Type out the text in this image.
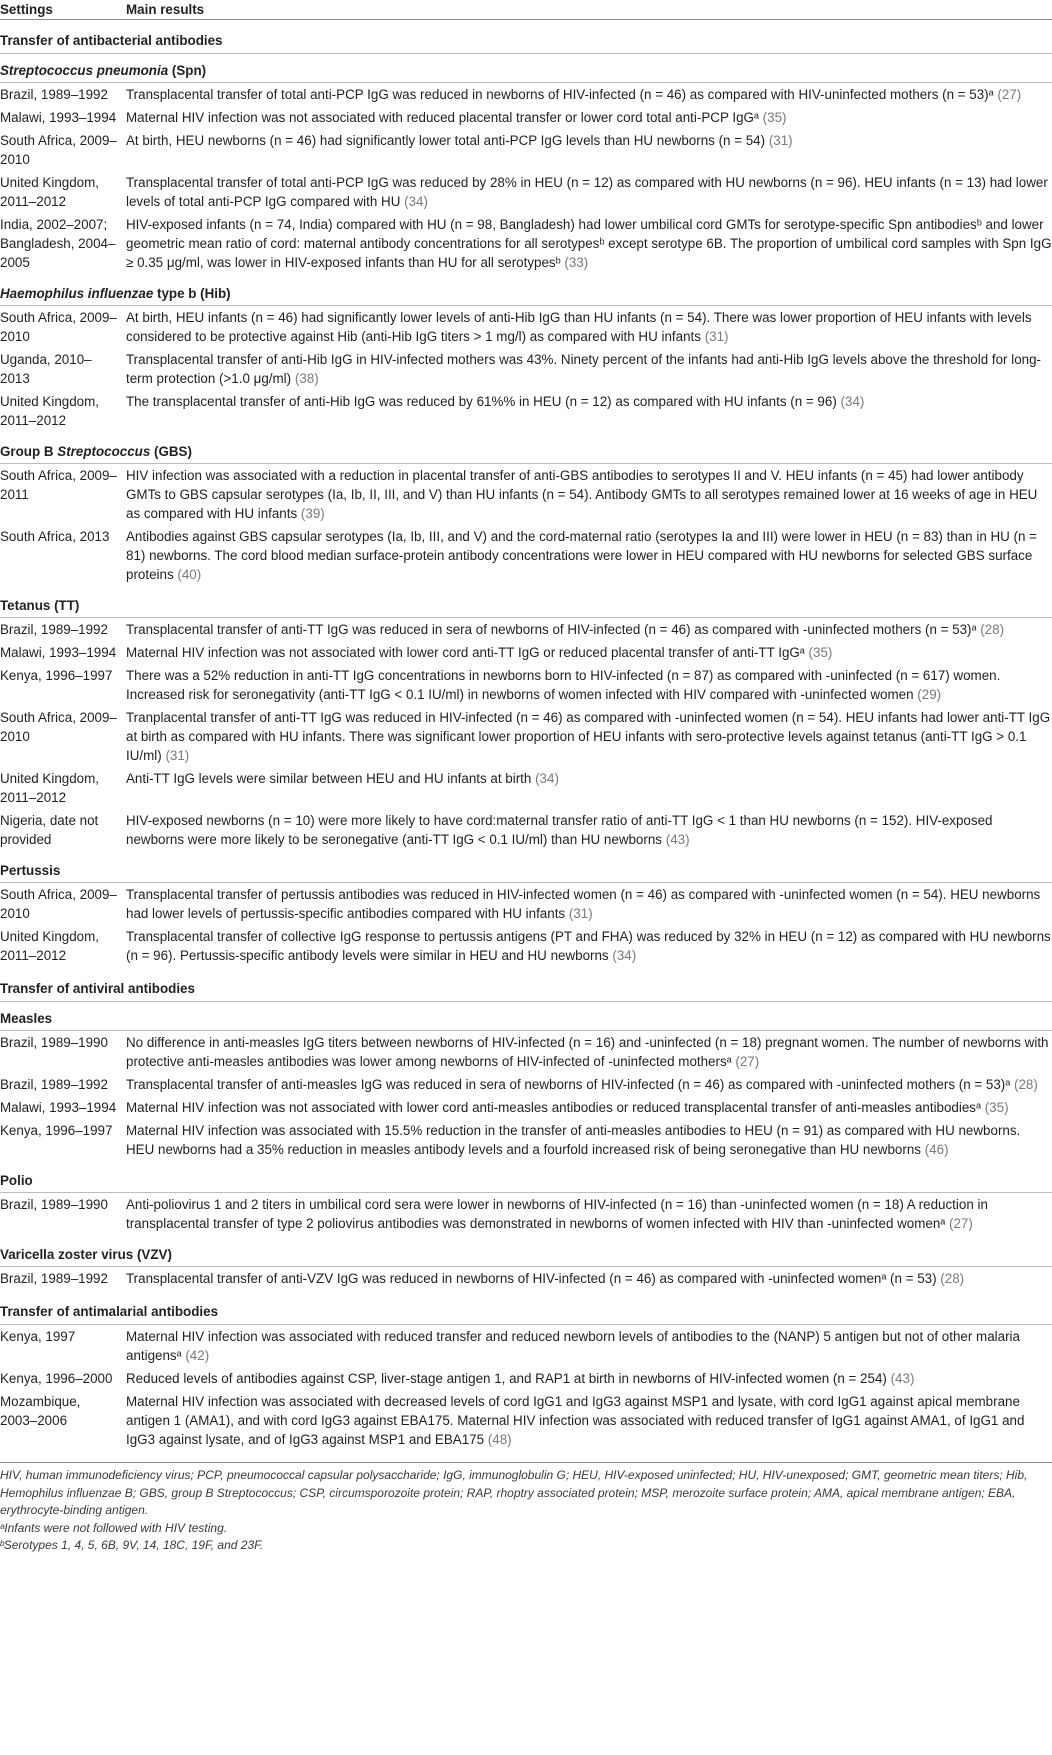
Settings	Main results
Transfer of antibacterial antibodies	
Streptococcus pneumonia (Spn)	
Brazil, 1989–1992	Transplacental transfer of total anti-PCP IgG was reduced in newborns of HIV-infected (n = 46) as compared with HIV-uninfected mothers (n = 53)ᵃ (27)
Malawi, 1993–1994	Maternal HIV infection was not associated with reduced placental transfer or lower cord total anti-PCP IgGᵃ (35)
South Africa, 2009–2010	At birth, HEU newborns (n = 46) had significantly lower total anti-PCP IgG levels than HU newborns (n = 54) (31)
United Kingdom, 2011–2012	Transplacental transfer of total anti-PCP IgG was reduced by 28% in HEU (n = 12) as compared with HU newborns (n = 96). HEU infants (n = 13) had lower levels of total anti-PCP IgG compared with HU (34)
India, 2002–2007; Bangladesh, 2004–2005	HIV-exposed infants (n = 74, India) compared with HU (n = 98, Bangladesh) had lower umbilical cord GMTs for serotype-specific Spn antibodiesᵇ and lower geometric mean ratio of cord: maternal antibody concentrations for all serotypesᵇ except serotype 6B. The proportion of umbilical cord samples with Spn IgG ≥ 0.35 μg/ml, was lower in HIV-exposed infants than HU for all serotypesᵇ (33)
Haemophilus influenzae type b (Hib)	
South Africa, 2009–2010	At birth, HEU infants (n = 46) had significantly lower levels of anti-Hib IgG than HU infants (n = 54). There was lower proportion of HEU infants with levels considered to be protective against Hib (anti-Hib IgG titers > 1 mg/l) as compared with HU infants (31)
Uganda, 2010–2013	Transplacental transfer of anti-Hib IgG in HIV-infected mothers was 43%. Ninety percent of the infants had anti-Hib IgG levels above the threshold for long-term protection (>1.0 μg/ml) (38)
United Kingdom, 2011–2012	The transplacental transfer of anti-Hib IgG was reduced by 61%% in HEU (n = 12) as compared with HU infants (n = 96) (34)
Group B Streptococcus (GBS)	
South Africa, 2009–2011	HIV infection was associated with a reduction in placental transfer of anti-GBS antibodies to serotypes II and V. HEU infants (n = 45) had lower antibody GMTs to GBS capsular serotypes (Ia, Ib, II, III, and V) than HU infants (n = 54). Antibody GMTs to all serotypes remained lower at 16 weeks of age in HEU as compared with HU infants (39)
South Africa, 2013	Antibodies against GBS capsular serotypes (Ia, Ib, III, and V) and the cord-maternal ratio (serotypes Ia and III) were lower in HEU (n = 83) than in HU (n = 81) newborns. The cord blood median surface-protein antibody concentrations were lower in HEU compared with HU newborns for selected GBS surface proteins (40)
Tetanus (TT)	
Brazil, 1989–1992	Transplacental transfer of anti-TT IgG was reduced in sera of newborns of HIV-infected (n = 46) as compared with -uninfected mothers (n = 53)ᵃ (28)
Malawi, 1993–1994	Maternal HIV infection was not associated with lower cord anti-TT IgG or reduced placental transfer of anti-TT IgGᵃ (35)
Kenya, 1996–1997	There was a 52% reduction in anti-TT IgG concentrations in newborns born to HIV-infected (n = 87) as compared with -uninfected (n = 617) women. Increased risk for seronegativity (anti-TT IgG < 0.1 IU/ml) in newborns of women infected with HIV compared with -uninfected women (29)
South Africa, 2009–2010	Tranplacental transfer of anti-TT IgG was reduced in HIV-infected (n = 46) as compared with -uninfected women (n = 54). HEU infants had lower anti-TT IgG at birth as compared with HU infants. There was significant lower proportion of HEU infants with sero-protective levels against tetanus (anti-TT IgG > 0.1 IU/ml) (31)
United Kingdom, 2011–2012	Anti-TT IgG levels were similar between HEU and HU infants at birth (34)
Nigeria, date not provided	HIV-exposed newborns (n = 10) were more likely to have cord:maternal transfer ratio of anti-TT IgG < 1 than HU newborns (n = 152). HIV-exposed newborns were more likely to be seronegative (anti-TT IgG < 0.1 IU/ml) than HU newborns (43)
Pertussis	
South Africa, 2009–2010	Transplacental transfer of pertussis antibodies was reduced in HIV-infected women (n = 46) as compared with -uninfected women (n = 54). HEU newborns had lower levels of pertussis-specific antibodies compared with HU infants (31)
United Kingdom, 2011–2012	Transplacental transfer of collective IgG response to pertussis antigens (PT and FHA) was reduced by 32% in HEU (n = 12) as compared with HU newborns (n = 96). Pertussis-specific antibody levels were similar in HEU and HU newborns (34)
Transfer of antiviral antibodies	
Measles	
Brazil, 1989–1990	No difference in anti-measles IgG titers between newborns of HIV-infected (n = 16) and -uninfected (n = 18) pregnant women. The number of newborns with protective anti-measles antibodies was lower among newborns of HIV-infected of -uninfected mothersᵃ (27)
Brazil, 1989–1992	Transplacental transfer of anti-measles IgG was reduced in sera of newborns of HIV-infected (n = 46) as compared with -uninfected mothers (n = 53)ᵃ (28)
Malawi, 1993–1994	Maternal HIV infection was not associated with lower cord anti-measles antibodies or reduced transplacental transfer of anti-measles antibodiesᵃ (35)
Kenya, 1996–1997	Maternal HIV infection was associated with 15.5% reduction in the transfer of anti-measles antibodies to HEU (n = 91) as compared with HU newborns. HEU newborns had a 35% reduction in measles antibody levels and a fourfold increased risk of being seronegative than HU newborns (46)
Polio	
Brazil, 1989–1990	Anti-poliovirus 1 and 2 titers in umbilical cord sera were lower in newborns of HIV-infected (n = 16) than -uninfected women (n = 18) A reduction in transplacental transfer of type 2 poliovirus antibodies was demonstrated in newborns of women infected with HIV than -uninfected womenᵃ (27)
Varicella zoster virus (VZV)	
Brazil, 1989–1992	Transplacental transfer of anti-VZV IgG was reduced in newborns of HIV-infected (n = 46) as compared with -uninfected womenᵃ (n = 53) (28)
Transfer of antimalarial antibodies	
Kenya, 1997	Maternal HIV infection was associated with reduced transfer and reduced newborn levels of antibodies to the (NANP) 5 antigen but not of other malaria antigensᵃ (42)
Kenya, 1996–2000	Reduced levels of antibodies against CSP, liver-stage antigen 1, and RAP1 at birth in newborns of HIV-infected women (n = 254) (43)
Mozambique, 2003–2006	Maternal HIV infection was associated with decreased levels of cord IgG1 and IgG3 against MSP1 and lysate, with cord IgG1 against apical membrane antigen 1 (AMA1), and with cord IgG3 against EBA175. Maternal HIV infection was associated with reduced transfer of IgG1 against AMA1, of IgG1 and IgG3 against lysate, and of IgG3 against MSP1 and EBA175 (48)

HIV, human immunodeficiency virus; PCP, pneumococcal capsular polysaccharide; IgG, immunoglobulin G; HEU, HIV-exposed uninfected; HU, HIV-unexposed; GMT, geometric mean titers; Hib, Hemophilus influenzae B; GBS, group B Streptococcus; CSP, circumsporozoite protein; RAP, rhoptry associated protein; MSP, merozoite surface protein; AMA, apical membrane antigen; EBA, erythrocyte-binding antigen.

ᵃInfants were not followed with HIV testing.

ᵇSerotypes 1, 4, 5, 6B, 9V, 14, 18C, 19F, and 23F.
